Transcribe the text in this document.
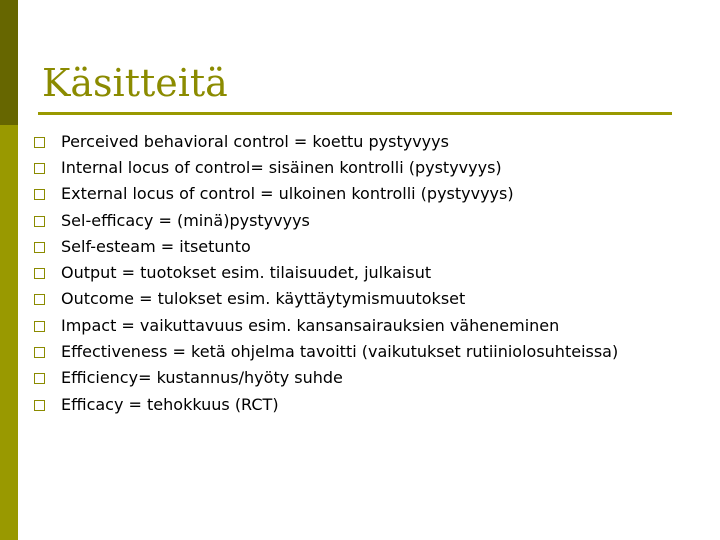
Käsitteitä
Perceived behavioral control = koettu pystyvyys
Internal locus of control= sisäinen kontrolli (pystyvyys)
External locus of control = ulkoinen kontrolli (pystyvyys)
Sel-efficacy = (minä)pystyvyys
Self-esteam = itsetunto
Output = tuotokset esim. tilaisuudet, julkaisut
Outcome = tulokset esim. käyttäytymismuutokset
Impact = vaikuttavuus esim. kansansairauksien väheneminen
Effectiveness = ketä ohjelma tavoitti (vaikutukset rutiiniolosuhteissa)
Efficiency= kustannus/hyöty suhde
Efficacy = tehokkuus (RCT)
